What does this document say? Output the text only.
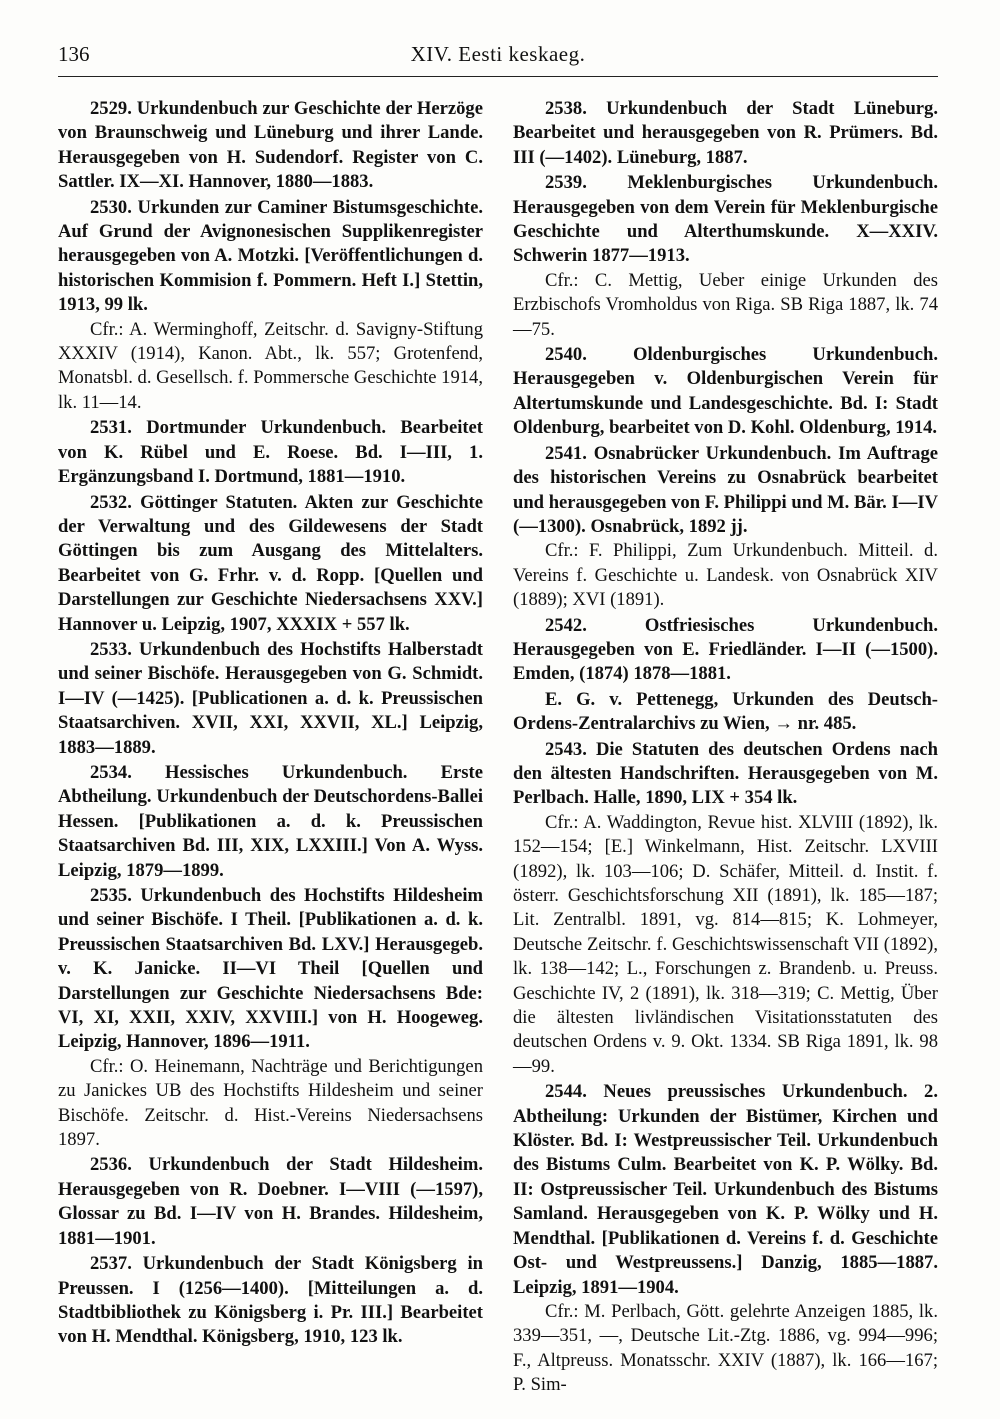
136	XIV. Eesti keskaeg.

2529. Urkundenbuch zur Geschichte der Herzöge von Braunschweig und Lüneburg und ihrer Lande. Herausgegeben von H. Sudendorf. Register von C. Sattler. IX—XI. Hannover, 1880—1883.

2530. Urkunden zur Caminer Bistumsgeschichte. Auf Grund der Avignonesischen Supplikenregister herausgegeben von A. Motzki. [Veröffentlichungen d. historischen Kommision f. Pommern. Heft I.] Stettin, 1913, 99 lk.

Cfr.: A. Werminghoff, Zeitschr. d. Savigny-Stiftung XXXIV (1914), Kanon. Abt., lk. 557; Grotenfend, Monatsbl. d. Gesellsch. f. Pommersche Geschichte 1914, lk. 11—14.

2531. Dortmunder Urkundenbuch. Bearbeitet von K. Rübel und E. Roese. Bd. I—III, 1. Ergänzungsband I. Dortmund, 1881—1910.

2532. Göttinger Statuten. Akten zur Geschichte der Verwaltung und des Gildewesens der Stadt Göttingen bis zum Ausgang des Mittelalters. Bearbeitet von G. Frhr. v. d. Ropp. [Quellen und Darstellungen zur Geschichte Niedersachsens XXV.] Hannover u. Leipzig, 1907, XXXIX + 557 lk.

2533. Urkundenbuch des Hochstifts Halberstadt und seiner Bischöfe. Herausgegeben von G. Schmidt. I—IV (—1425). [Publicationen a. d. k. Preussischen Staatsarchiven. XVII, XXI, XXVII, XL.] Leipzig, 1883—1889.

2534. Hessisches Urkundenbuch. Erste Abtheilung. Urkundenbuch der Deutschordens-Ballei Hessen. [Publikationen a. d. k. Preussischen Staatsarchiven Bd. III, XIX, LXXIII.] Von A. Wyss. Leipzig, 1879—1899.

2535. Urkundenbuch des Hochstifts Hildesheim und seiner Bischöfe. I Theil. [Publikationen a. d. k. Preussischen Staatsarchiven Bd. LXV.] Herausgegeb. v. K. Janicke. II—VI Theil [Quellen und Darstellungen zur Geschichte Niedersachsens Bde: VI, XI, XXII, XXIV, XXVIII.] von H. Hoogeweg. Leipzig, Hannover, 1896—1911.

Cfr.: O. Heinemann, Nachträge und Berichtigungen zu Janickes UB des Hochstifts Hildesheim und seiner Bischöfe. Zeitschr. d. Hist.-Vereins Niedersachsens 1897.

2536. Urkundenbuch der Stadt Hildesheim. Herausgegeben von R. Doebner. I—VIII (—1597), Glossar zu Bd. I—IV von H. Brandes. Hildesheim, 1881—1901.

2537. Urkundenbuch der Stadt Königsberg in Preussen. I (1256—1400). [Mitteilungen a. d. Stadtbibliothek zu Königsberg i. Pr. III.] Bearbeitet von H. Mendthal. Königsberg, 1910, 123 lk.

2538. Urkundenbuch der Stadt Lüneburg. Bearbeitet und herausgegeben von R. Prümers. Bd. III (—1402). Lüneburg, 1887.

2539. Meklenburgisches Urkundenbuch. Herausgegeben von dem Verein für Meklenburgische Geschichte und Alterthumskunde. X—XXIV. Schwerin 1877—1913.

Cfr.: C. Mettig, Ueber einige Urkunden des Erzbischofs Vromholdus von Riga. SB Riga 1887, lk. 74—75.

2540. Oldenburgisches Urkundenbuch. Herausgegeben v. Oldenburgischen Verein für Altertumskunde und Landesgeschichte. Bd. I: Stadt Oldenburg, bearbeitet von D. Kohl. Oldenburg, 1914.

2541. Osnabrücker Urkundenbuch. Im Auftrage des historischen Vereins zu Osnabrück bearbeitet und herausgegeben von F. Philippi und M. Bär. I—IV (—1300). Osnabrück, 1892 jj.

Cfr.: F. Philippi, Zum Urkundenbuch. Mitteil. d. Vereins f. Geschichte u. Landesk. von Osnabrück XIV (1889); XVI (1891).

2542. Ostfriesisches Urkundenbuch. Herausgegeben von E. Friedländer. I—II (—1500). Emden, (1874) 1878—1881.

E. G. v. Pettenegg, Urkunden des Deutsch-Ordens-Zentralarchivs zu Wien, → nr. 485.

2543. Die Statuten des deutschen Ordens nach den ältesten Handschriften. Herausgegeben von M. Perlbach. Halle, 1890, LIX + 354 lk.

Cfr.: A. Waddington, Revue hist. XLVIII (1892), lk. 152—154; [E.] Winkelmann, Hist. Zeitschr. LXVIII (1892), lk. 103—106; D. Schäfer, Mitteil. d. Instit. f. österr. Geschichtsforschung XII (1891), lk. 185—187; Lit. Zentralbl. 1891, vg. 814—815; K. Lohmeyer, Deutsche Zeitschr. f. Geschichtswissenschaft VII (1892), lk. 138—142; L., Forschungen z. Brandenb. u. Preuss. Geschichte IV, 2 (1891), lk. 318—319; C. Mettig, Über die ältesten livländischen Visitationsstatuten des deutschen Ordens v. 9. Okt. 1334. SB Riga 1891, lk. 98—99.

2544. Neues preussisches Urkundenbuch. 2. Abtheilung: Urkunden der Bistümer, Kirchen und Klöster. Bd. I: Westpreussischer Teil. Urkundenbuch des Bistums Culm. Bearbeitet von K. P. Wölky. Bd. II: Ostpreussischer Teil. Urkundenbuch des Bistums Samland. Herausgegeben von K. P. Wölky und H. Mendthal. [Publikationen d. Vereins f. d. Geschichte Ost- und Westpreussens.] Danzig, 1885—1887. Leipzig, 1891—1904.

Cfr.: M. Perlbach, Gött. gelehrte Anzeigen 1885, lk. 339—351, —, Deutsche Lit.-Ztg. 1886, vg. 994—996; F., Altpreuss. Monatsschr. XXIV (1887), lk. 166—167; P. Sim-
